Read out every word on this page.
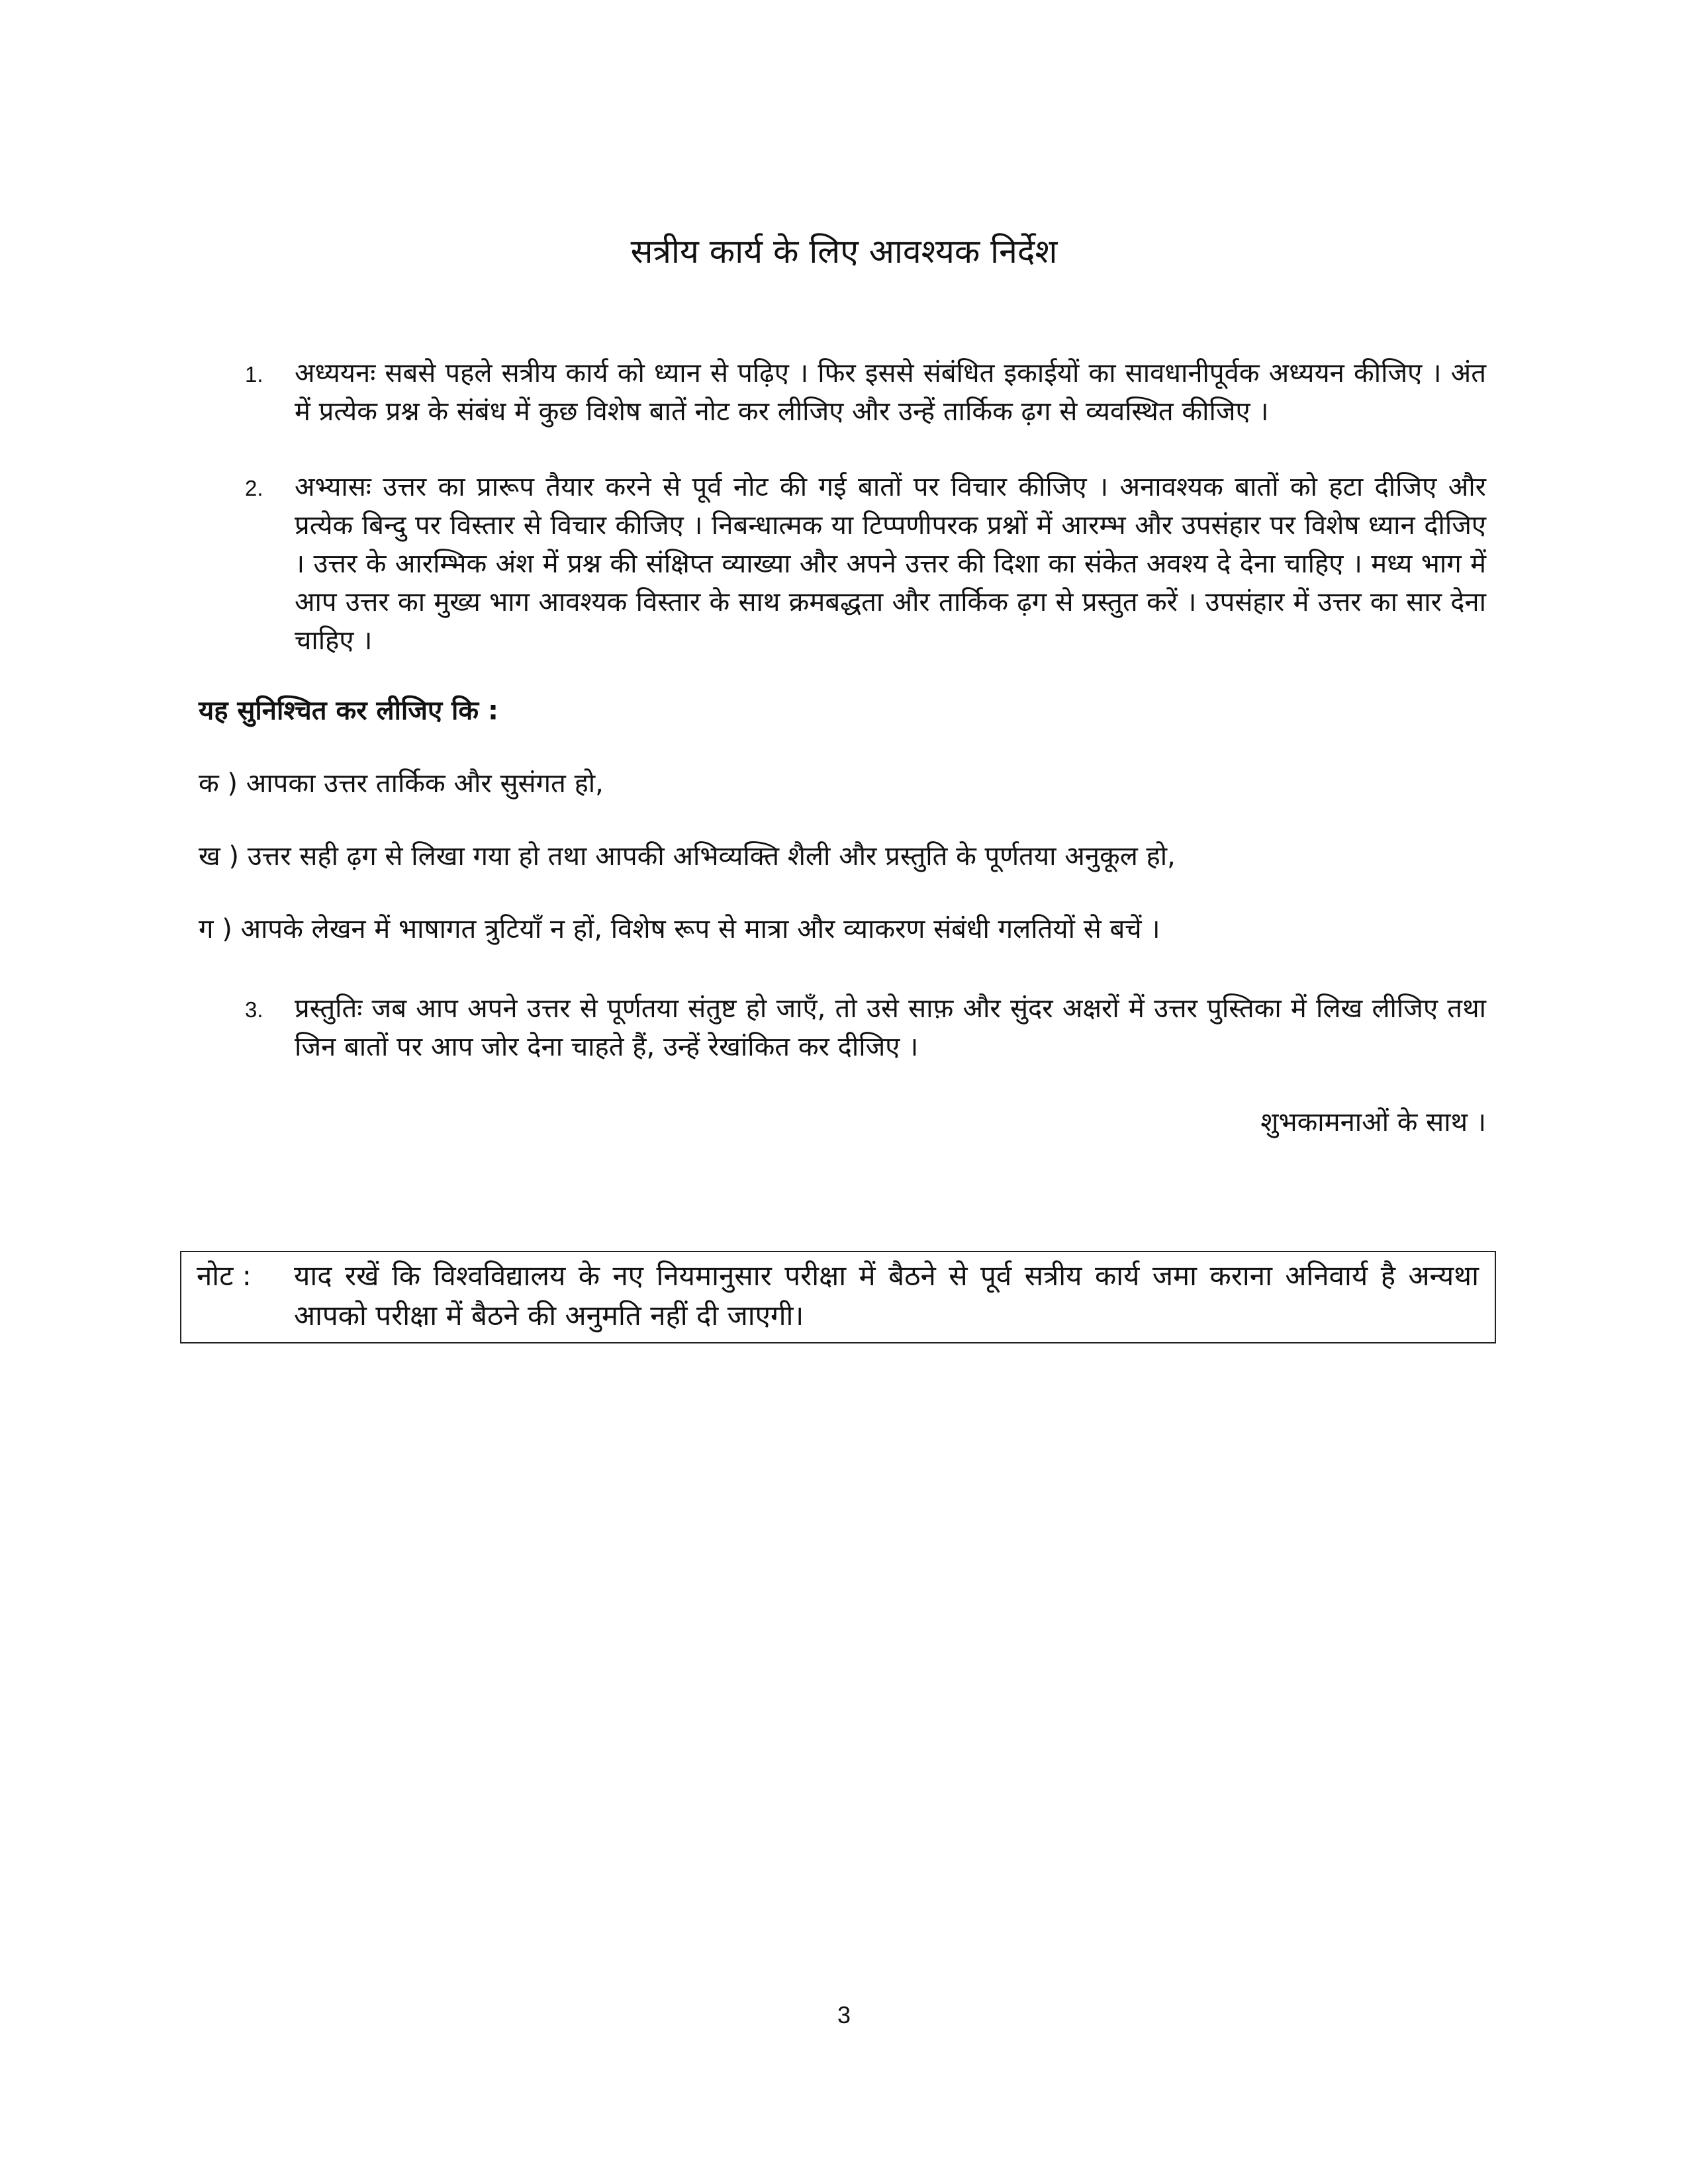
सत्रीय कार्य के लिए आवश्यक निर्देश
1. अध्ययनः सबसे पहले सत्रीय कार्य को ध्यान से पढ़िए । फिर इससे संबंधित इकाईयों का सावधानीपूर्वक अध्ययन कीजिए । अंत में प्रत्येक प्रश्न के संबंध में कुछ विशेष बातें नोट कर लीजिए और उन्हें तार्किक ढ़ग से व्यवस्थित कीजिए ।
2. अभ्यासः उत्तर का प्रारूप तैयार करने से पूर्व नोट की गई बातों पर विचार कीजिए । अनावश्यक बातों को हटा दीजिए और प्रत्येक बिन्दु पर विस्तार से विचार कीजिए । निबन्धात्मक या टिप्पणीपरक प्रश्नों में आरम्भ और उपसंहार पर विशेष ध्यान दीजिए । उत्तर के आरम्भिक अंश में प्रश्न की संक्षिप्त व्याख्या और अपने उत्तर की दिशा का संकेत अवश्य दे देना चाहिए । मध्य भाग में आप उत्तर का मुख्य भाग आवश्यक विस्तार के साथ क्रमबद्धता और तार्किक ढ़ग से प्रस्तुत करें । उपसंहार में उत्तर का सार देना चाहिए ।
यह सुनिश्चित कर लीजिए कि :
क ) आपका उत्तर तार्किक और सुसंगत हो,
ख ) उत्तर सही ढ़ग से लिखा गया हो तथा आपकी अभिव्यक्ति शैली और प्रस्तुति के पूर्णतया अनुकूल हो,
ग ) आपके लेखन में भाषागत त्रुटियाँ न हों, विशेष रूप से मात्रा और व्याकरण संबंधी गलतियों से बचें ।
3. प्रस्तुतिः जब आप अपने उत्तर से पूर्णतया संतुष्ट हो जाएँ, तो उसे साफ़ और सुंदर अक्षरों में उत्तर पुस्तिका में लिख लीजिए तथा जिन बातों पर आप जोर देना चाहते हैं, उन्हें रेखांकित कर दीजिए ।
शुभकामनाओं के साथ ।
नोट : याद रखें कि विश्वविद्यालय के नए नियमानुसार परीक्षा में बैठने से पूर्व सत्रीय कार्य जमा कराना अनिवार्य है अन्यथा आपको परीक्षा में बैठने की अनुमति नहीं दी जाएगी।
3
